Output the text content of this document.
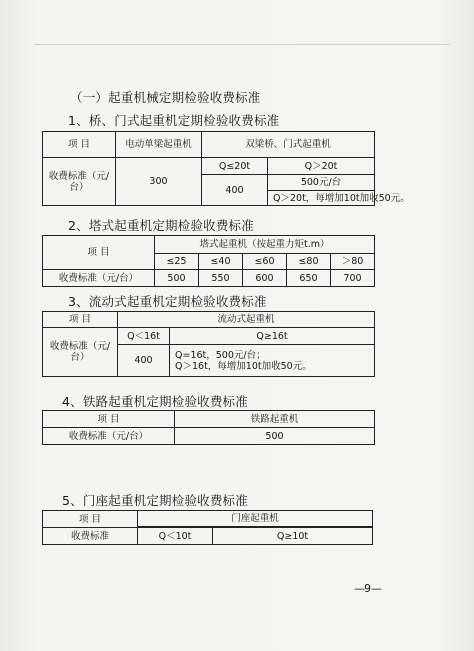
（一）起重机械定期检验收费标准
1、桥、门式起重机定期检验收费标准
项 目	电动单梁起重机	双梁桥、门式起重机	
收费标准（元/台）	300	Q≤20t	Q＞20t
		400	500元/台
			Q＞20t，每增加10t加收50元。
2、塔式起重机定期检验收费标准
项 目	塔式起重机（按起重力矩t.m）				
	≤25	≤40	≤60	≤80	＞80
收费标准（元/台）	500	550	600	650	700
3、流动式起重机定期检验收费标准
项 目	流动式起重机	
收费标准（元/台）	Q＜16t	Q≥16t
	400	Q=16t，500元/台；
Q＞16t，每增加10t加收50元。
4、铁路起重机定期检验收费标准
项 目	铁路起重机
收费标准（元/台）	500
5、门座起重机定期检验收费标准
项 目	门座起重机	

收费标准	Q＜10t	Q≥10t
—9—
